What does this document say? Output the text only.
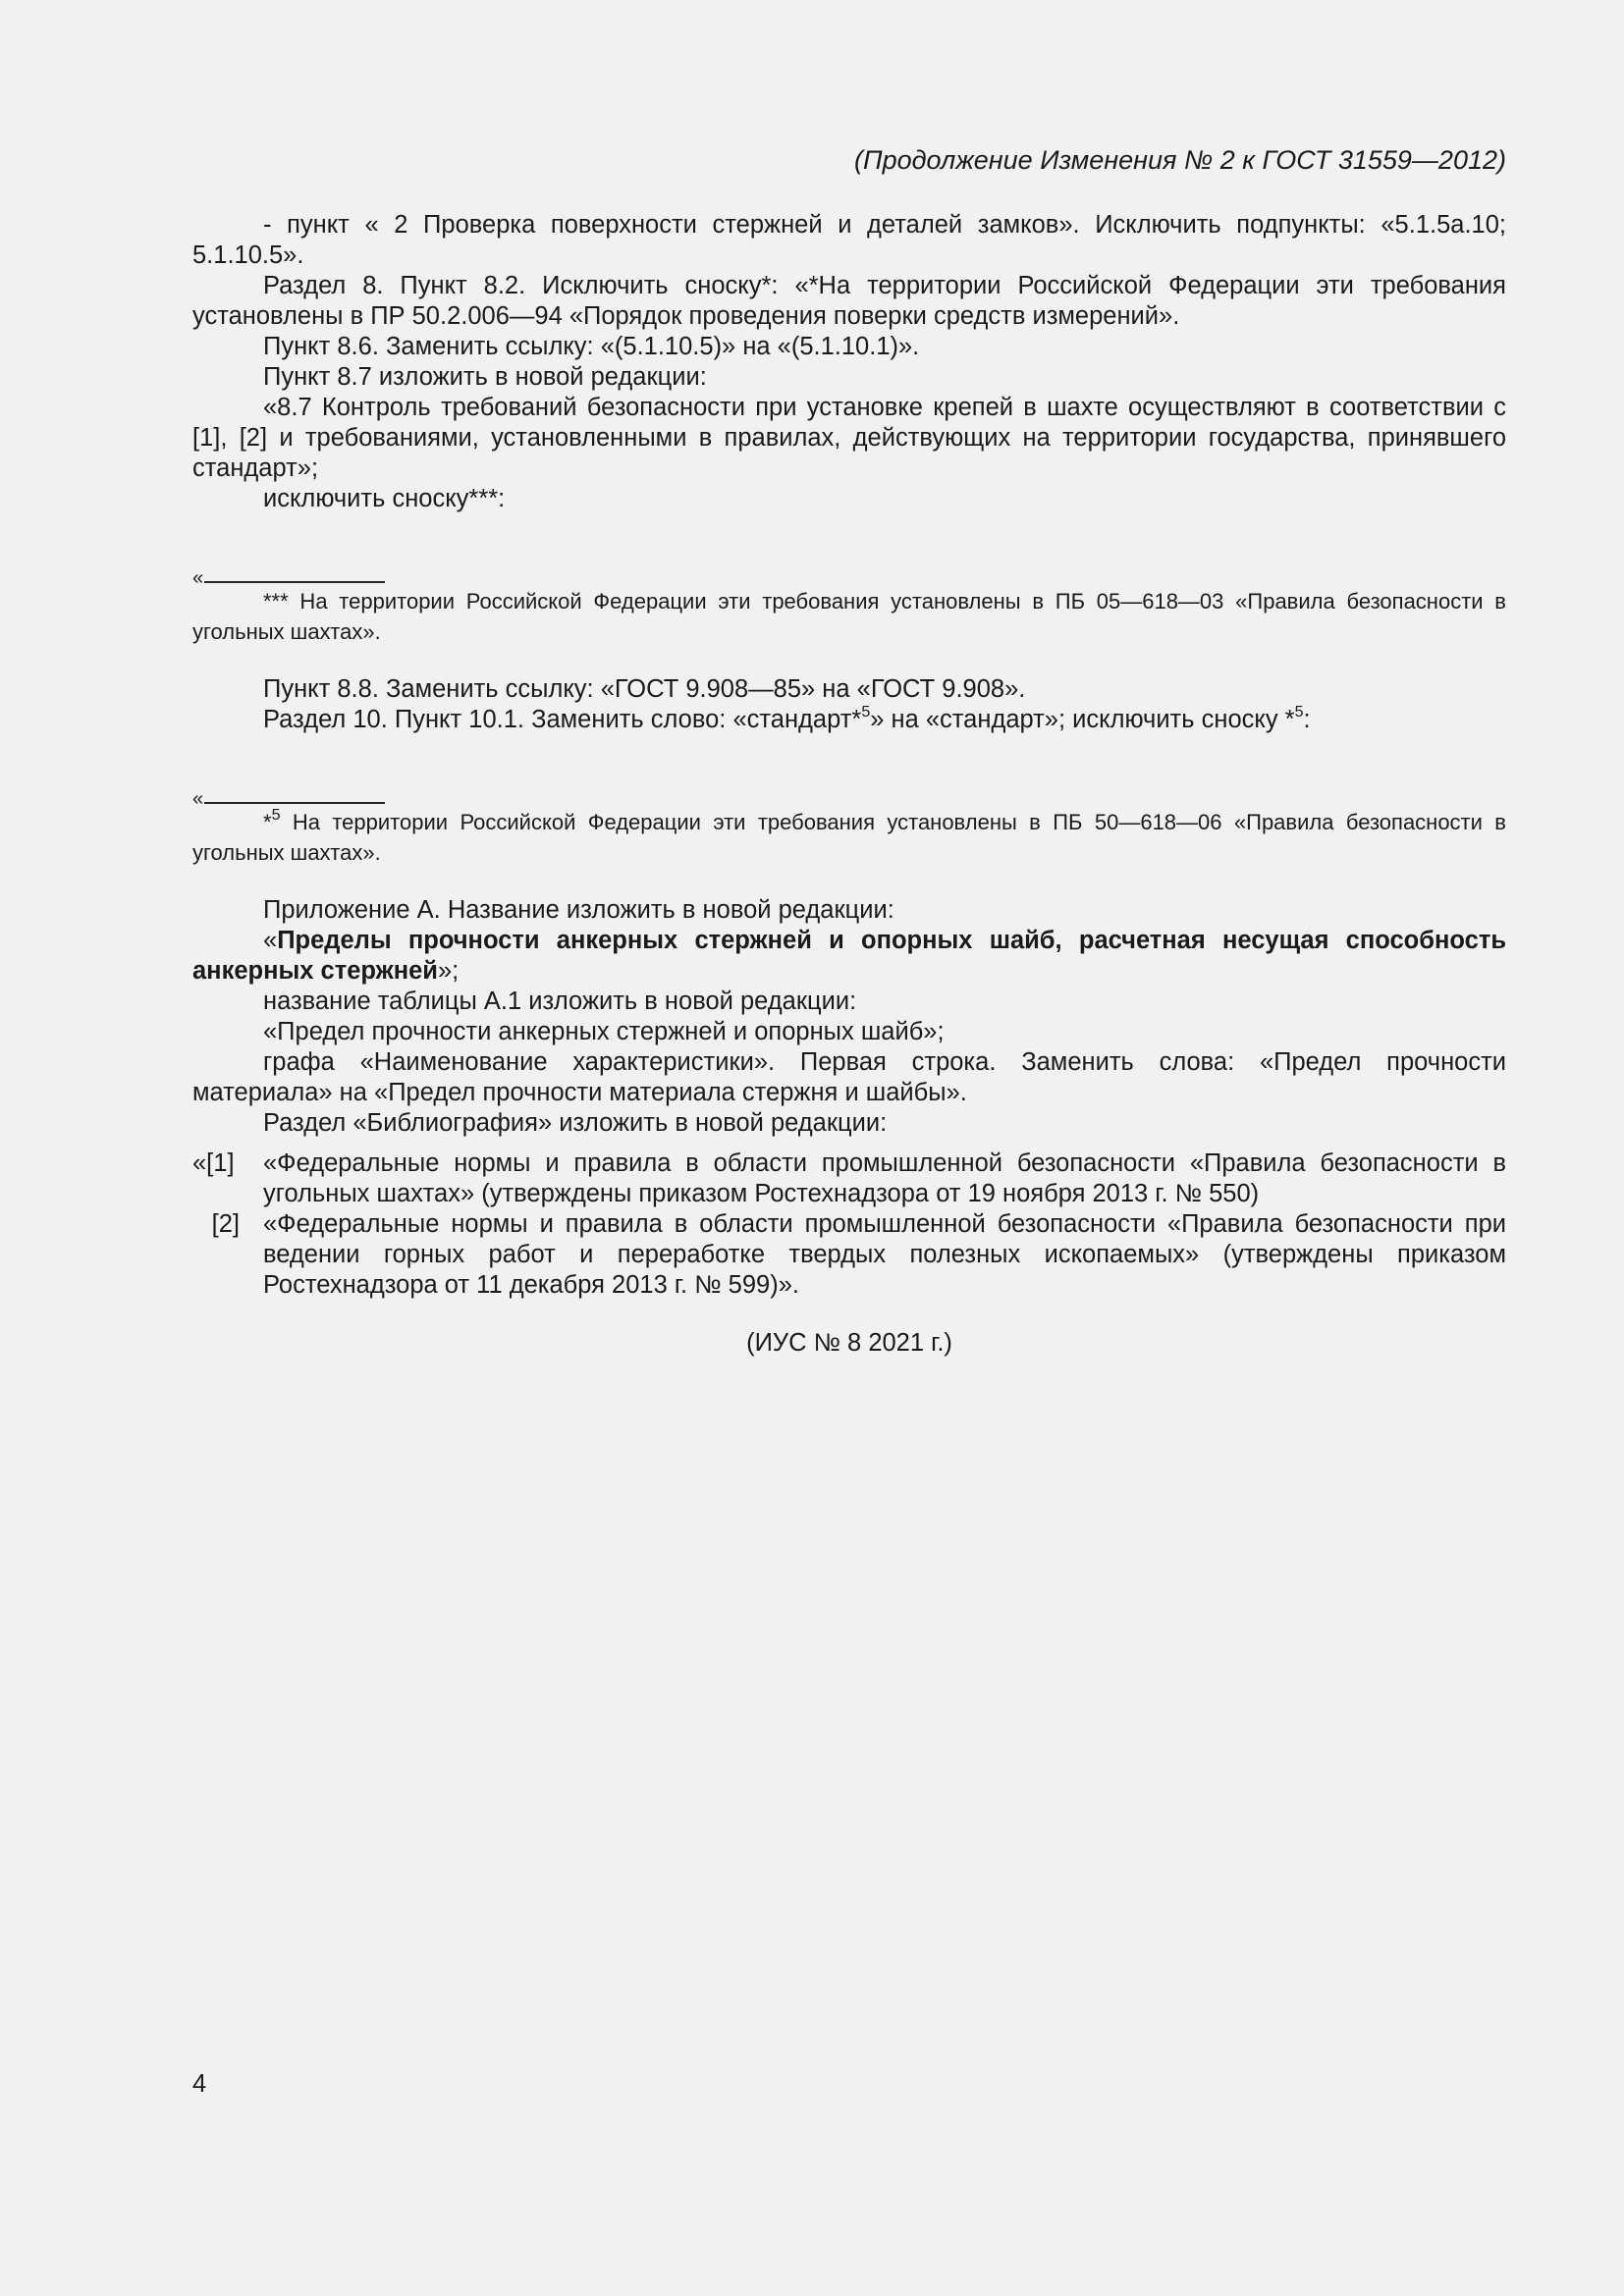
(Продолжение Изменения № 2 к ГОСТ 31559—2012)

- пункт « 2 Проверка поверхности стержней и деталей замков». Исключить подпункты: «5.1.5а.10; 5.1.10.5».

Раздел 8. Пункт 8.2. Исключить сноску*: «*На территории Российской Федерации эти требования установлены в ПР 50.2.006—94 «Порядок проведения поверки средств измерений».

Пункт 8.6. Заменить ссылку: «(5.1.10.5)» на «(5.1.10.1)».

Пункт 8.7 изложить в новой редакции:

«8.7 Контроль требований безопасности при установке крепей в шахте осуществляют в соответствии с [1], [2] и требованиями, установленными в правилах, действующих на территории государства, принявшего стандарт»;

исключить сноску***:

«

*** На территории Российской Федерации эти требования установлены в ПБ 05—618—03 «Правила безопасности в угольных шахтах».

Пункт 8.8. Заменить ссылку: «ГОСТ 9.908—85» на «ГОСТ 9.908».

Раздел 10. Пункт 10.1. Заменить слово: «стандарт*$^5$» на «стандарт»; исключить сноску *$^5$:

«

*$^5$ На территории Российской Федерации эти требования установлены в ПБ 50—618—06 «Правила безопасности в угольных шахтах».

Приложение А. Название изложить в новой редакции:

«Пределы прочности анкерных стержней и опорных шайб, расчетная несущая способность анкерных стержней»;

название таблицы А.1 изложить в новой редакции:

«Предел прочности анкерных стержней и опорных шайб»;

графа «Наименование характеристики». Первая строка. Заменить слова: «Предел прочности материала» на «Предел прочности материала стержня и шайбы».

Раздел «Библиография» изложить в новой редакции:

«[1]	«Федеральные нормы и правила в области промышленной безопасности «Правила безопасности в угольных шахтах» (утверждены приказом Ростехнадзора от 19 ноября 2013 г. № 550)
[2] «Федеральные нормы и правила в области промышленной безопасности «Правила безопасности при ведении горных работ и переработке твердых полезных ископаемых» (утверждены приказом Ростехнадзора от 11 декабря 2013 г. № 599)».

(ИУС № 8 2021 г.)

4
